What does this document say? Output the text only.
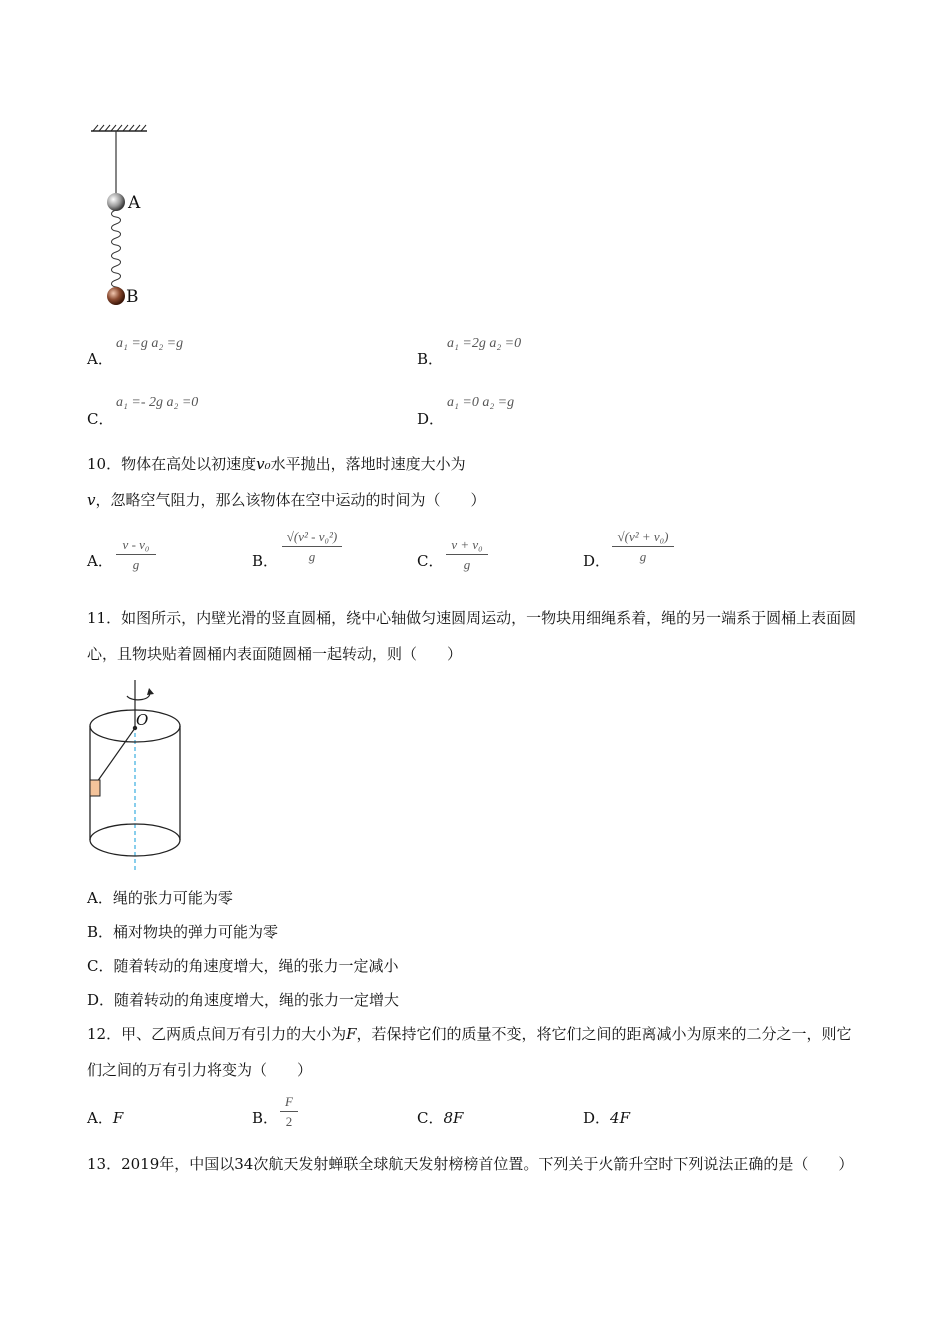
A
B
A．
a₁ =g a₂ =g
B．
a₁ =2g a₂ =0
C．
a₁ =- 2g a₂ =0
D．
a₁ =0 a₂ =g
10．物体在高处以初速度v₀水平抛出，落地时速度大小为v，忽略空气阻力，那么该物体在空中运动的时间为（　　）
A． $\frac{\text{v - v₀}}{g}$	B． $\frac{\text{√(v² - v₀²)}}{g}$	C． $\frac{\text{v + v₀}}{g}$	D． $\frac{\text{√(v² + v₀)}}{g}$
11．如图所示，内壁光滑的竖直圆桶，绕中心轴做匀速圆周运动，一物块用细绳系着，绳的另一端系于圆桶上表面圆心，且物块贴着圆桶内表面随圆桶一起转动，则（　　）
O
A．绳的张力可能为零
B．桶对物块的弹力可能为零
C．随着转动的角速度增大，绳的张力一定减小
D．随着转动的角速度增大，绳的张力一定增大
12．甲、乙两质点间万有引力的大小为F，若保持它们的质量不变，将它们之间的距离减小为原来的二分之一，则它们之间的万有引力将变为（　　）
A．F	B． $\frac{F}{2}$	C．8F	D．4F
13．2019年，中国以34次航天发射蝉联全球航天发射榜榜首位置。下列关于火箭升空时下列说法正确的是（　　）
